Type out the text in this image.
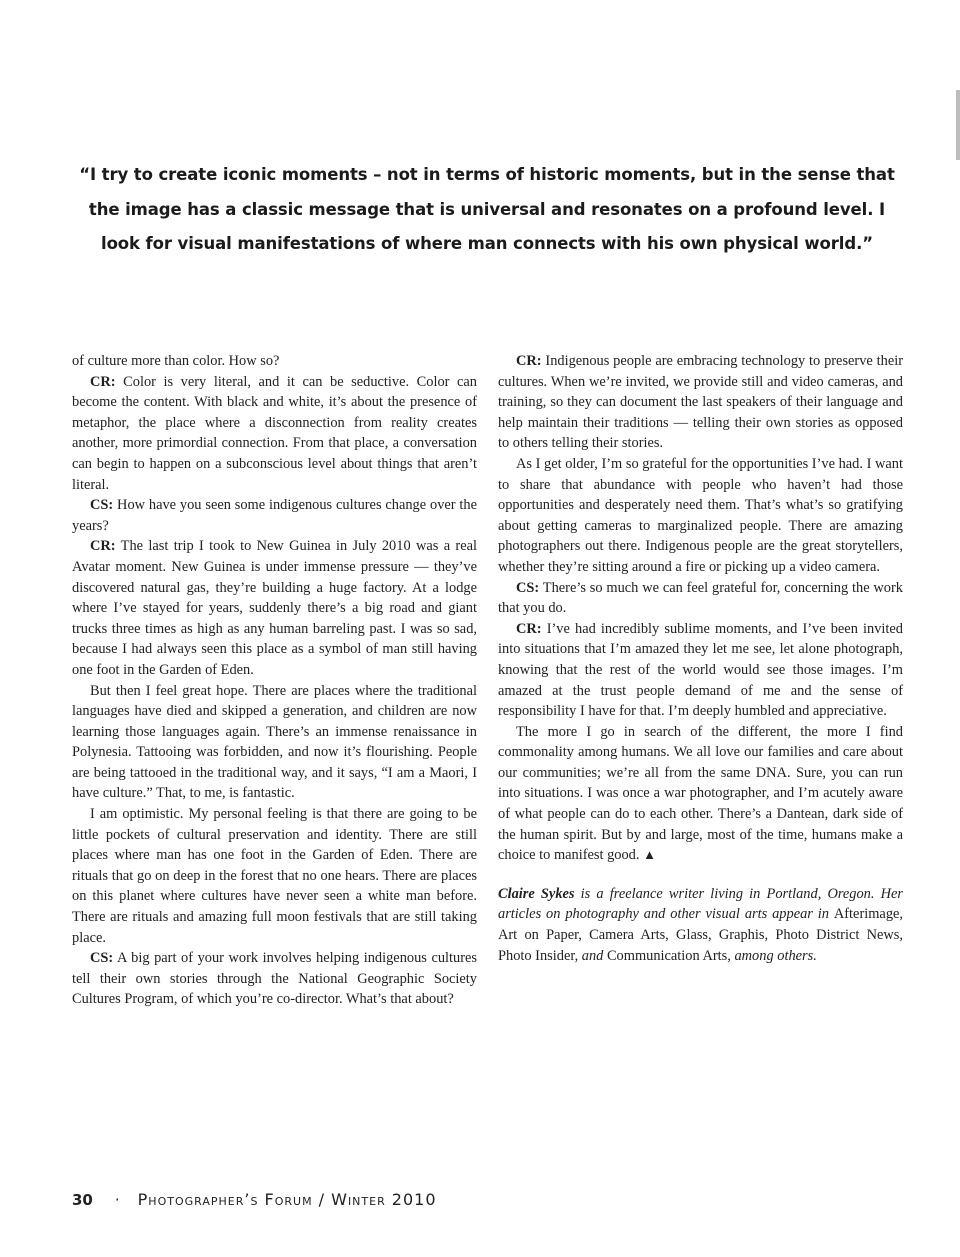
“I try to create iconic moments – not in terms of historic moments, but in the sense that the image has a classic message that is universal and resonates on a profound level. I look for visual manifestations of where man connects with his own physical world.”

of culture more than color. How so?

CR: Color is very literal, and it can be seductive. Color can become the content. With black and white, it’s about the presence of metaphor, the place where a disconnection from reality creates another, more primordial connection. From that place, a conversation can begin to happen on a subconscious level about things that aren’t literal.

CS: How have you seen some indigenous cultures change over the years?

CR: The last trip I took to New Guinea in July 2010 was a real Avatar moment. New Guinea is under immense pressure — they’ve discovered natural gas, they’re building a huge factory. At a lodge where I’ve stayed for years, suddenly there’s a big road and giant trucks three times as high as any human barreling past. I was so sad, because I had always seen this place as a symbol of man still having one foot in the Garden of Eden.

But then I feel great hope. There are places where the traditional languages have died and skipped a generation, and children are now learning those languages again. There’s an immense renaissance in Polynesia. Tattooing was forbidden, and now it’s flourishing. People are being tattooed in the traditional way, and it says, “I am a Maori, I have culture.” That, to me, is fantastic.

I am optimistic. My personal feeling is that there are going to be little pockets of cultural preservation and identity. There are still places where man has one foot in the Garden of Eden. There are rituals that go on deep in the forest that no one hears. There are places on this planet where cultures have never seen a white man before. There are rituals and amazing full moon festivals that are still taking place.

CS: A big part of your work involves helping indigenous cultures tell their own stories through the National Geographic Society Cultures Program, of which you’re co-director. What’s that about?

CR: Indigenous people are embracing technology to preserve their cultures. When we’re invited, we provide still and video cameras, and training, so they can document the last speakers of their language and help maintain their traditions — telling their own stories as opposed to others telling their stories.

As I get older, I’m so grateful for the opportunities I’ve had. I want to share that abundance with people who haven’t had those opportunities and desperately need them. That’s what’s so gratifying about getting cameras to marginalized people. There are amazing photographers out there. Indigenous people are the great storytellers, whether they’re sitting around a fire or picking up a video camera.

CS: There’s so much we can feel grateful for, concerning the work that you do.

CR: I’ve had incredibly sublime moments, and I’ve been invited into situations that I’m amazed they let me see, let alone photograph, knowing that the rest of the world would see those images. I’m amazed at the trust people demand of me and the sense of responsibility I have for that. I’m deeply humbled and appreciative.

The more I go in search of the different, the more I find commonality among humans. We all love our families and care about our communities; we’re all from the same DNA. Sure, you can run into situations. I was once a war photographer, and I’m acutely aware of what people can do to each other. There’s a Dantean, dark side of the human spirit. But by and large, most of the time, humans make a choice to manifest good. ▲

Claire Sykes is a freelance writer living in Portland, Oregon. Her articles on photography and other visual arts appear in Afterimage, Art on Paper, Camera Arts, Glass, Graphis, Photo District News, Photo Insider, and Communication Arts, among others.

30 · Photographer’s Forum / Winter 2010
